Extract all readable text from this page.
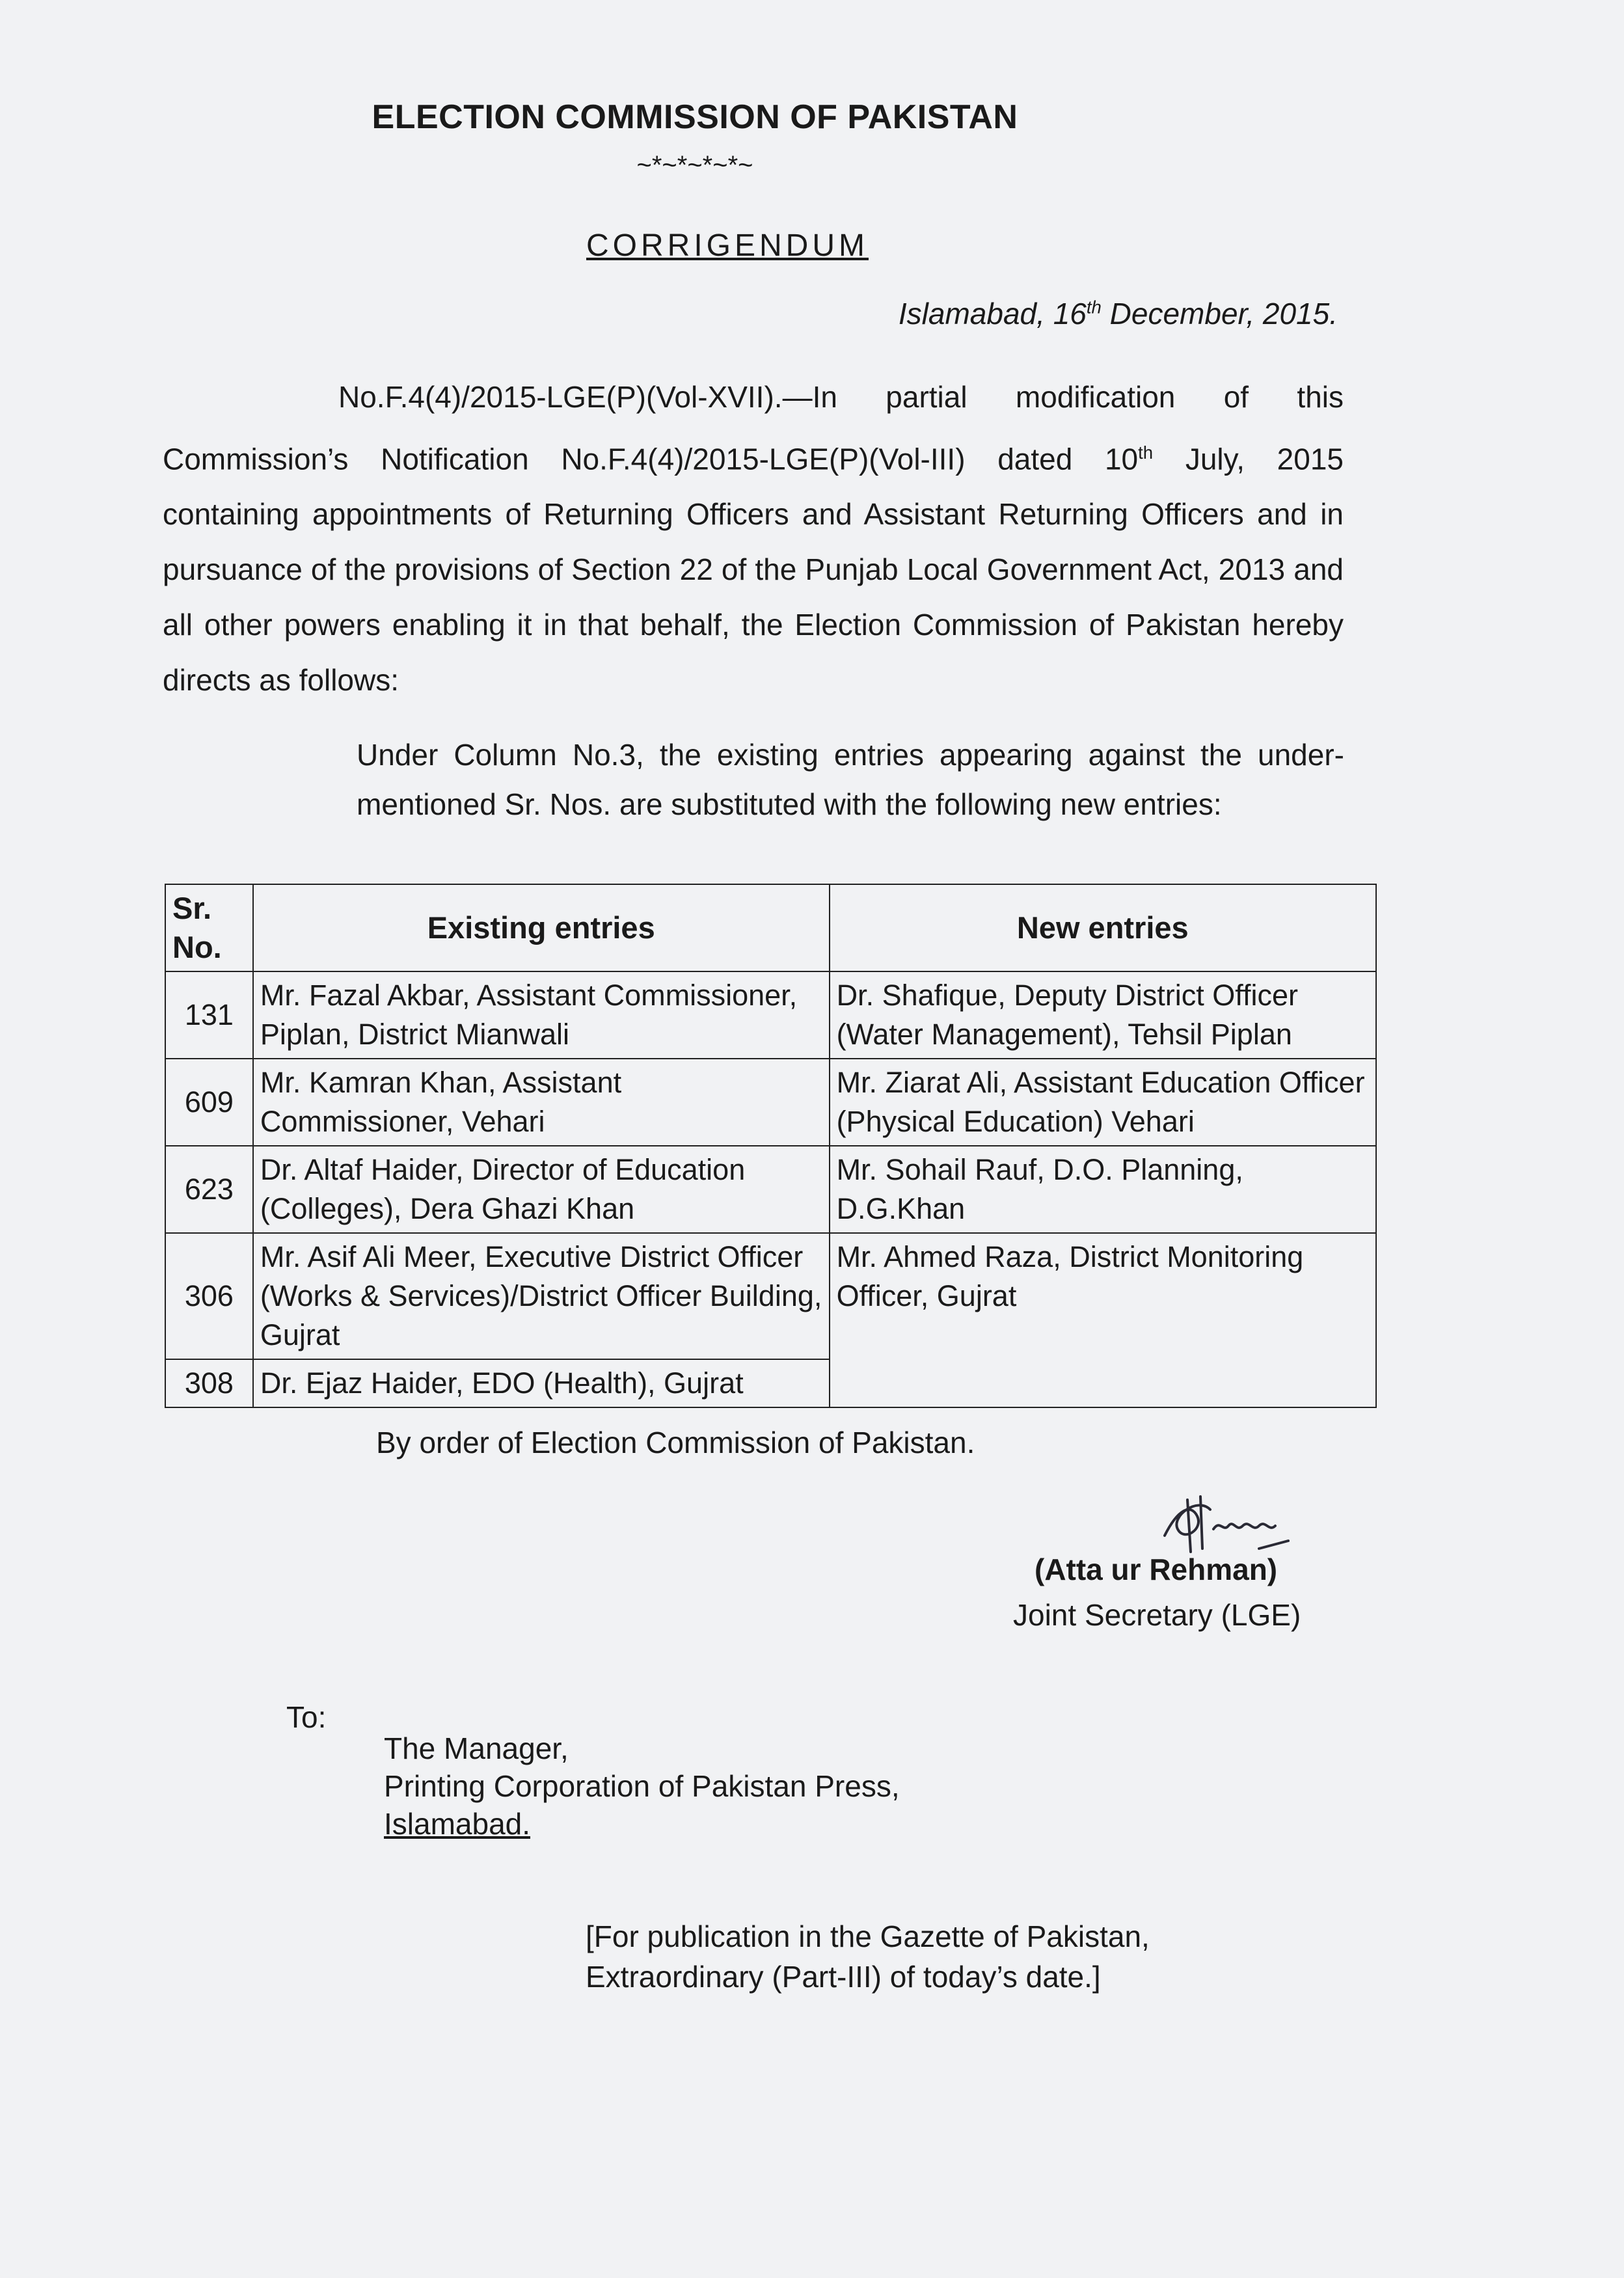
ELECTION COMMISSION OF PAKISTAN
~*~*~*~*~
CORRIGENDUM
Islamabad, 16th December, 2015.
No.F.4(4)/2015-LGE(P)(Vol-XVII).—In partial modification of this Commission’s Notification No.F.4(4)/2015-LGE(P)(Vol-III) dated 10th July, 2015 containing appointments of Returning Officers and Assistant Returning Officers and in pursuance of the provisions of Section 22 of the Punjab Local Government Act, 2013 and all other powers enabling it in that behalf, the Election Commission of Pakistan hereby directs as follows:
Under Column No.3, the existing entries appearing against the under-mentioned Sr. Nos. are substituted with the following new entries:
Sr. No.	Existing entries	New entries
131	Mr. Fazal Akbar, Assistant Commissioner, Piplan, District Mianwali	Dr. Shafique, Deputy District Officer (Water Management), Tehsil Piplan
609	Mr. Kamran Khan, Assistant Commissioner, Vehari	Mr. Ziarat Ali, Assistant Education Officer (Physical Education) Vehari
623	Dr. Altaf Haider, Director of Education (Colleges), Dera Ghazi Khan	Mr. Sohail Rauf, D.O. Planning, D.G.Khan
306	Mr. Asif Ali Meer, Executive District Officer (Works & Services)/District Officer Building, Gujrat	Mr. Ahmed Raza, District Monitoring Officer, Gujrat
308	Dr. Ejaz Haider, EDO (Health), Gujrat	
By order of Election Commission of Pakistan.
(Atta ur Rehman)
Joint Secretary (LGE)
To:
The Manager,
Printing Corporation of Pakistan Press,
Islamabad.
[For publication in the Gazette of Pakistan,
Extraordinary (Part-III) of today’s date.]
